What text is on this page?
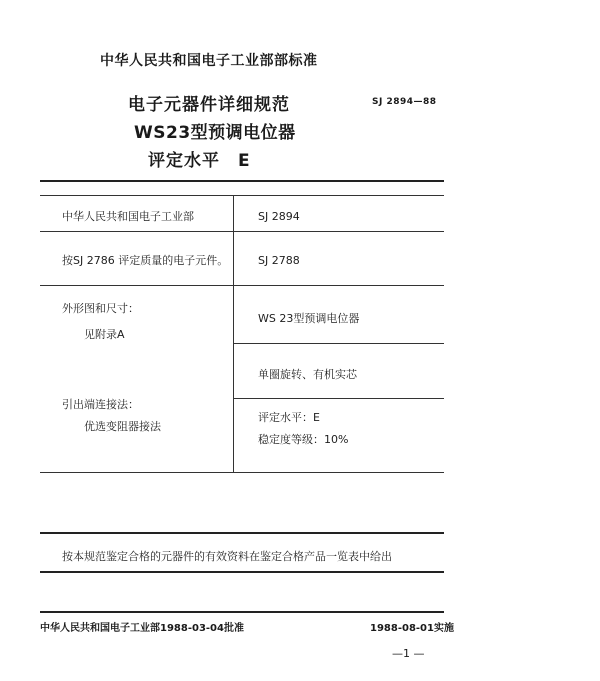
中华人民共和国电子工业部部标准
电子元器件详细规范
WS23型预调电位器
评定水平　E
SJ 2894—88
中华人民共和国电子工业部
按SJ 2786 评定质量的电子元件。
外形图和尺寸：
见附录A
引出端连接法：
优选变阻器接法
SJ 2894
SJ 2788
WS 23型预调电位器
单圈旋转、有机实芯
评定水平：E
稳定度等级：10%
按本规范鉴定合格的元器件的有效资料在鉴定合格产品一览表中给出
中华人民共和国电子工业部1988-03-04批准	1988-08-01实施
—1 —
